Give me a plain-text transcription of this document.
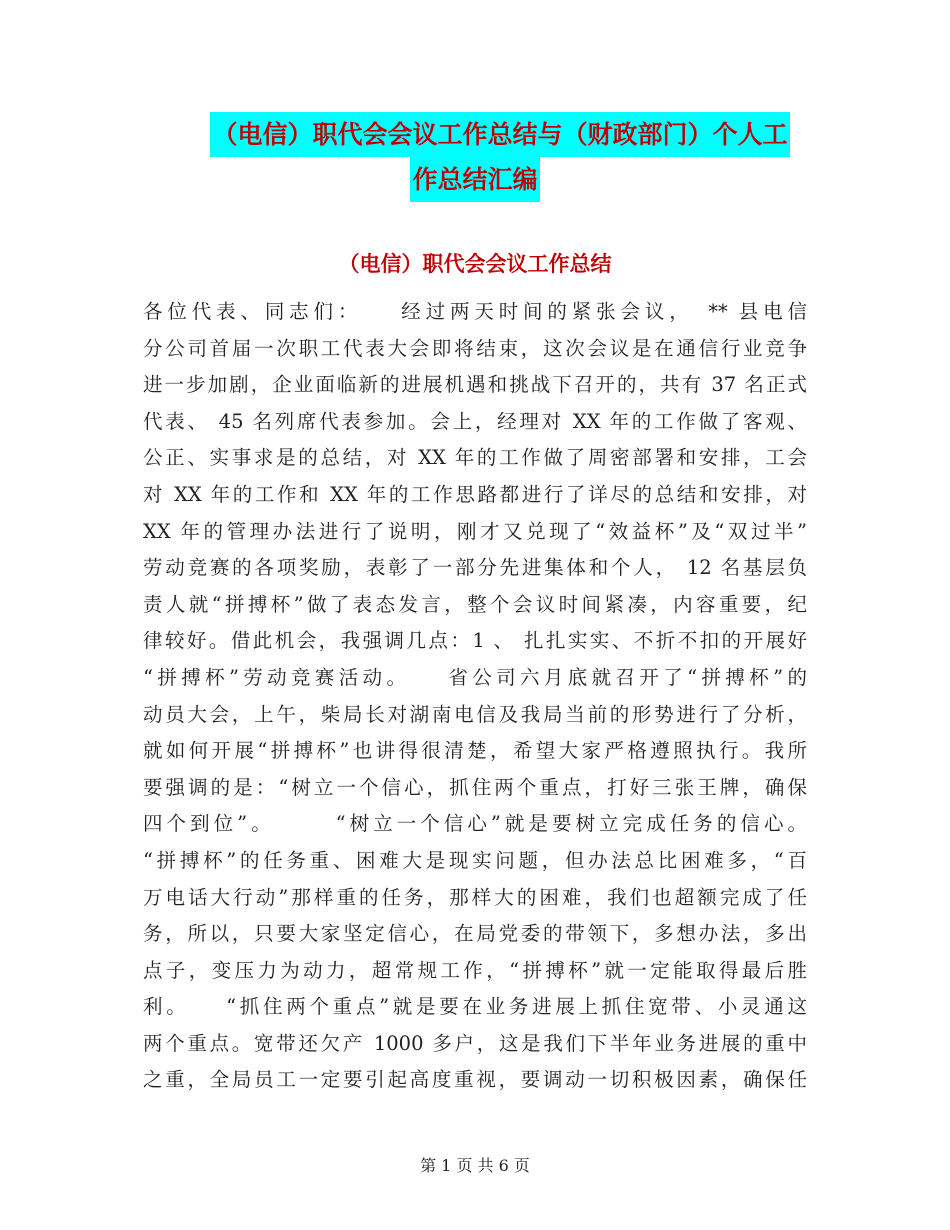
（电信）职代会会议工作总结与（财政部门）个人工
作总结汇编
（电信）职代会会议工作总结
各位代表、同志们：　　经过两天时间的紧张会议，　** 县电信
分公司首届一次职工代表大会即将结束，这次会议是在通信行业竞争
进一步加剧，企业面临新的进展机遇和挑战下召开的，共有 37 名正式
代表、 45 名列席代表参加。会上，经理对 XX 年的工作做了客观、
公正、实事求是的总结，对 XX 年的工作做了周密部署和安排，工会
对 XX 年的工作和 XX 年的工作思路都进行了详尽的总结和安排，对
XX 年的管理办法进行了说明，刚才又兑现了“效益杯”及“双过半”
劳动竞赛的各项奖励，表彰了一部分先进集体和个人， 12 名基层负
责人就“拼搏杯”做了表态发言，整个会议时间紧凑，内容重要，纪
律较好。借此机会，我强调几点：1 、 扎扎实实、不折不扣的开展好
“拼搏杯”劳动竞赛活动。　　省公司六月底就召开了“拼搏杯”的
动员大会，上午，柴局长对湖南电信及我局当前的形势进行了分析，
就如何开展“拼搏杯”也讲得很清楚，希望大家严格遵照执行。我所
要强调的是：“树立一个信心，抓住两个重点，打好三张王牌，确保
四个到位”。　　　“树立一个信心”就是要树立完成任务的信心。
“拼搏杯”的任务重、困难大是现实问题，但办法总比困难多，“百
万电话大行动”那样重的任务，那样大的困难，我们也超额完成了任
务，所以，只要大家坚定信心，在局党委的带领下，多想办法，多出
点子，变压力为动力，超常规工作，“拼搏杯”就一定能取得最后胜
利。　　“抓住两个重点”就是要在业务进展上抓住宽带、小灵通这
两个重点。宽带还欠产 1000 多户，这是我们下半年业务进展的重中
之重，全局员工一定要引起高度重视，要调动一切积极因素，确保任
第 1 页 共 6 页
